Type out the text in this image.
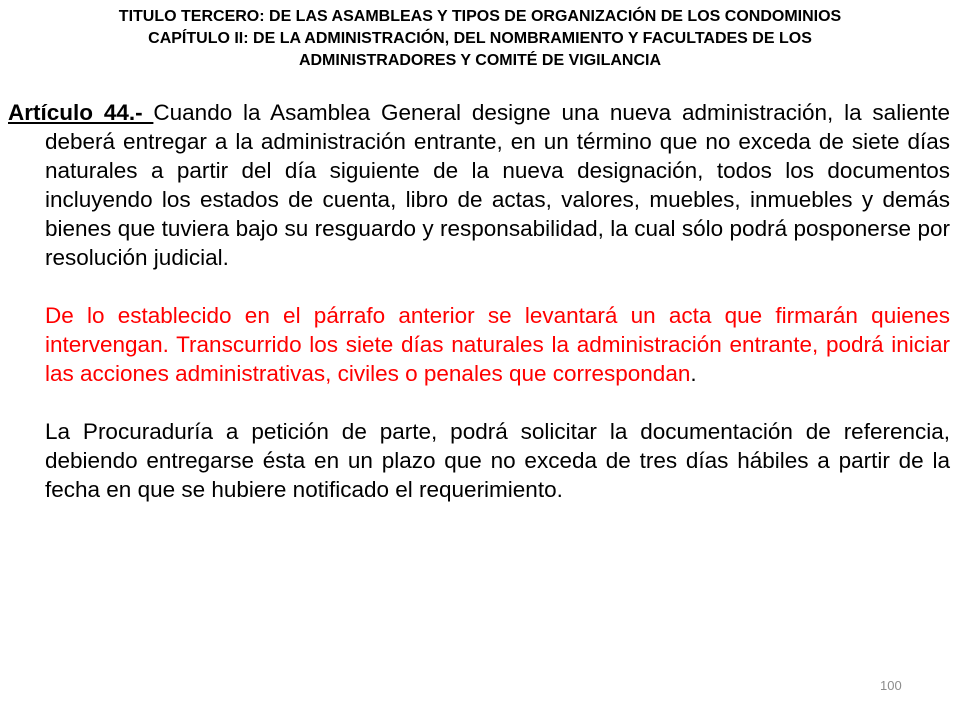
TITULO TERCERO: DE LAS ASAMBLEAS Y TIPOS DE ORGANIZACIÓN DE LOS CONDOMINIOS
CAPÍTULO II: DE LA ADMINISTRACIÓN, DEL NOMBRAMIENTO Y FACULTADES DE LOS
ADMINISTRADORES Y COMITÉ DE VIGILANCIA

Artículo 44.- Cuando la Asamblea General designe una nueva administración, la saliente deberá entregar a la administración entrante, en un término que no exceda de siete días naturales a partir del día siguiente de la nueva designación, todos los documentos incluyendo los estados de cuenta, libro de actas, valores, muebles, inmuebles y demás bienes que tuviera bajo su resguardo y responsabilidad, la cual sólo podrá posponerse por resolución judicial.

De lo establecido en el párrafo anterior se levantará un acta que firmarán quienes intervengan. Transcurrido los siete días naturales la administración entrante, podrá iniciar las acciones administrativas, civiles o penales que correspondan.

La Procuraduría a petición de parte, podrá solicitar la documentación de referencia, debiendo entregarse ésta en un plazo que no exceda de tres días hábiles a partir de la fecha en que se hubiere notificado el requerimiento.

100
